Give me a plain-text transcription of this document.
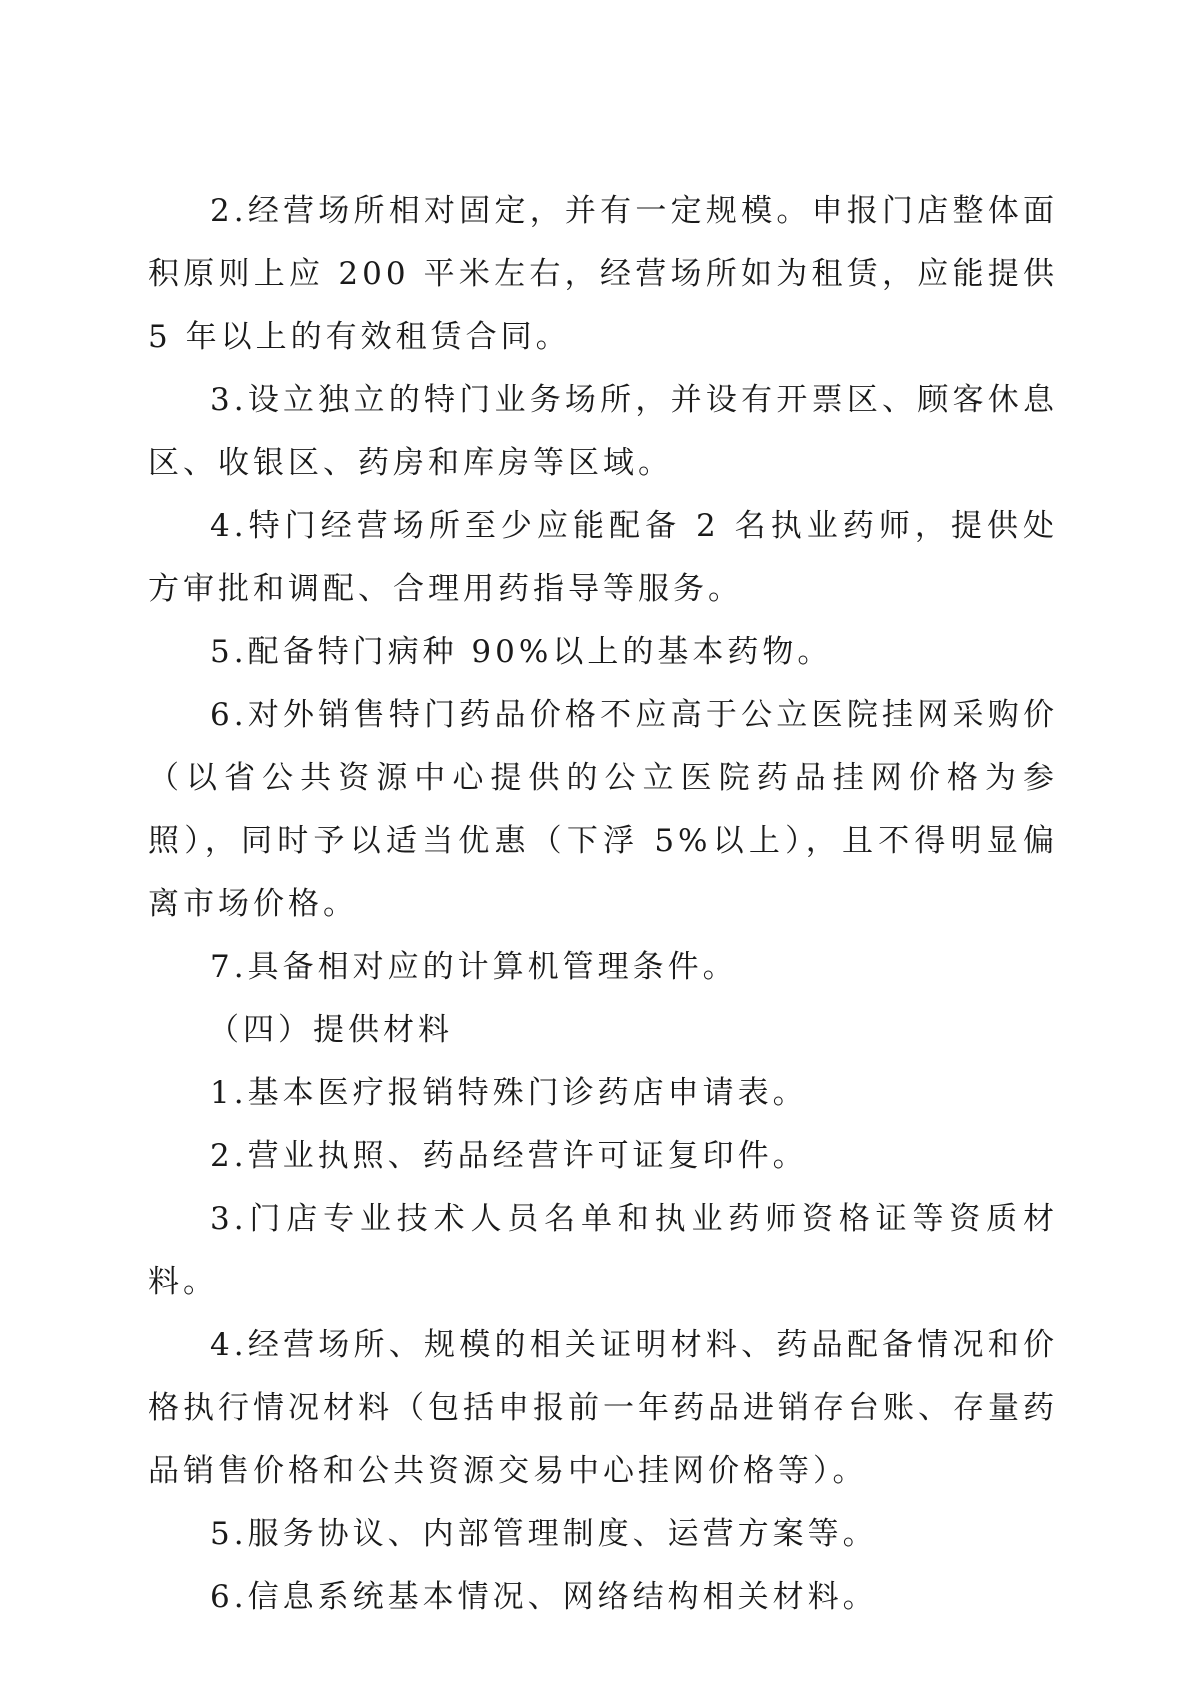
2.经营场所相对固定，并有一定规模。申报门店整体面积原则上应 200 平米左右，经营场所如为租赁，应能提供 5 年以上的有效租赁合同。

3.设立独立的特门业务场所，并设有开票区、顾客休息区、收银区、药房和库房等区域。

4.特门经营场所至少应能配备 2 名执业药师，提供处方审批和调配、合理用药指导等服务。

5.配备特门病种 90%以上的基本药物。

6.对外销售特门药品价格不应高于公立医院挂网采购价（以省公共资源中心提供的公立医院药品挂网价格为参照），同时予以适当优惠（下浮 5%以上），且不得明显偏离市场价格。

7.具备相对应的计算机管理条件。

（四）提供材料

1.基本医疗报销特殊门诊药店申请表。

2.营业执照、药品经营许可证复印件。

3.门店专业技术人员名单和执业药师资格证等资质材料。

4.经营场所、规模的相关证明材料、药品配备情况和价格执行情况材料（包括申报前一年药品进销存台账、存量药品销售价格和公共资源交易中心挂网价格等）。

5.服务协议、内部管理制度、运营方案等。

6.信息系统基本情况、网络结构相关材料。
